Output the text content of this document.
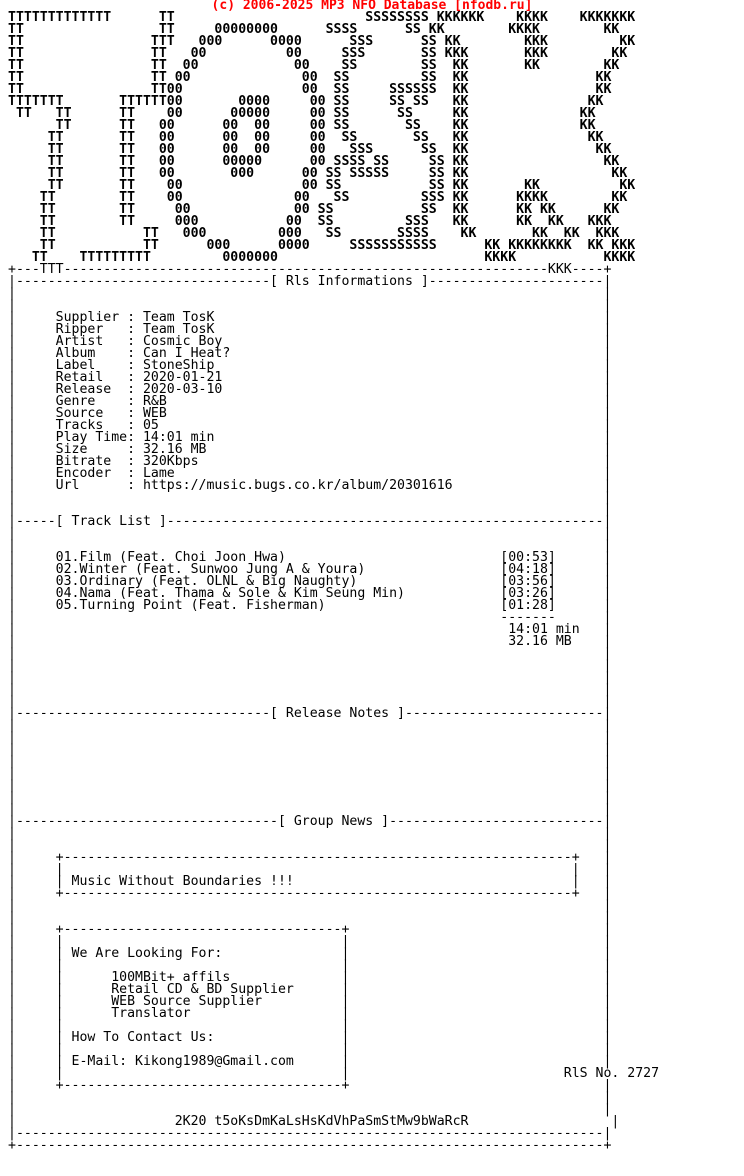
(c) 2006-2025 MP3 NFO Database [nfodb.ru]
TTTTTTTTTTTTT      TT                        SSSSSSSS KKKKKK    KKKK    KKKKKKK
TT                 TT     00000000      SSSS      SS KK        KKKK        KK
TT                TTT   000      0000      SSS      SS KK        KKK         KK
TT                TT   00          00     SSS       SS KKK       KKK        KK
TT                TT  00            00    SS        SS  KK       KK        KK
TT                TT 00              00  SS         SS  KK                KK
TT                TT00               00  SS     SSSSSS  KK                KK
TTTTTTT       TTTTTT00       0000     00 SS     SS SS   KK               KK
TT   TT      TT    00      00000     00 SS      SS     KK              KK
TT      TT   00      00  00     00 SS       SS    KK              KK
TT       TT   00      00  00     00  SS       SS   KK               KK
TT       TT   00      00  00     00   SSS      SS  KK                KK
TT       TT   00      00000      00 SSSS SS     SS KK                 KK
TT       TT   00       000      00 SS SSSSS     SS KK                  KK
TT       TT    00               00 SS           SS KK       KK          KK
TT        TT    00              00   SS         SSS KK      KKKK        KK
TT        TT     00             00 SS           SS  KK      KK KK      KK
TT        TT     000           00  SS         SSS   KK      KK  KK   KKK
TT           TT   000         000   SS       SSSS    KK       KK  KK  KKK
TT           TT      000      0000     SSSSSSSSSSS      KK KKKKKKKK  KK KKK
TT    TTTTTTTTT         0000000                          KKKK           KKKK
+---TTT-------------------------------------------------------------KKK----+
|--------------------------------[ Rls Informations ]----------------------|
|                                                                          |
|                                                                          |
|     Supplier : Team TosK                                                 |
|     Ripper   : Team TosK                                                 |
|     Artist   : Cosmic Boy                                                |
|     Album    : Can I Heat?                                               |
|     Label    : StoneShip                                                 |
|     Retail   : 2020-01-21                                                |
|     Release  : 2020-03-10                                                |
|     Genre    : R&B                                                       |
|     Source   : WEB                                                       |
|     Tracks   : 05                                                        |
|     Play Time: 14:01 min                                                 |
|     Size     : 32.16 MB                                                  |
|     Bitrate  : 320Kbps                                                   |
|     Encoder  : Lame                                                      |
|     Url      : https://music.bugs.co.kr/album/20301616                   |
|                                                                          |
|                                                                          |
|-----[ Track List ]-------------------------------------------------------|
|                                                                          |
|                                                                          |
|     01.Film (Feat. Choi Joon Hwa)                           [00:53]      |
|     02.Winter (Feat. Sunwoo Jung A & Youra)                 [04:18]      |
|     03.Ordinary (Feat. OLNL & Big Naughty)                  [03:56]      |
|     04.Nama (Feat. Thama & Sole & Kim Seung Min)            [03:26]      |
|     05.Turning Point (Feat. Fisherman)                      [01:28]      |
|                                                             -------      |
|                                                              14:01 min   |
|                                                              32.16 MB    |
|                                                                          |
|                                                                          |
|                                                                          |
|                                                                          |
|                                                                          |
|--------------------------------[ Release Notes ]-------------------------|
|                                                                          |
|                                                                          |
|                                                                          |
|                                                                          |
|                                                                          |
|                                                                          |
|                                                                          |
|                                                                          |
|---------------------------------[ Group News ]---------------------------|
|                                                                          |
|                                                                          |
|     +----------------------------------------------------------------+   |
|     |                                                                |   |
|     | Music Without Boundaries !!!                                   |   |
|     +----------------------------------------------------------------+   |
|                                                                          |
|                                                                          |
|     +-----------------------------------+                                |
|     |                                   |                                |
|     | We Are Looking For:               |                                |
|     |                                   |                                |
|     |      100MBit+ affils              |                                |
|     |      Retail CD & BD Supplier      |                                |
|     |      WEB Source Supplier          |                                |
|     |      Translator                   |                                |
|     |                                   |                                |
|     | How To Contact Us:                |                                |
|     |                                   |                                |
|     | E-Mail: Kikong1989@Gmail.com      |                                |
|     |                                   |                           RlS No. 2727
|     +-----------------------------------+                                |
|                                                                          |
|                                                                          |
|                    2K20 t5oKsDmKaLsHsKdVhPaSmStMw9bWaRcR                  |
|--------------------------------------------------------------------------|
+--------------------------------------------------------------------------+
